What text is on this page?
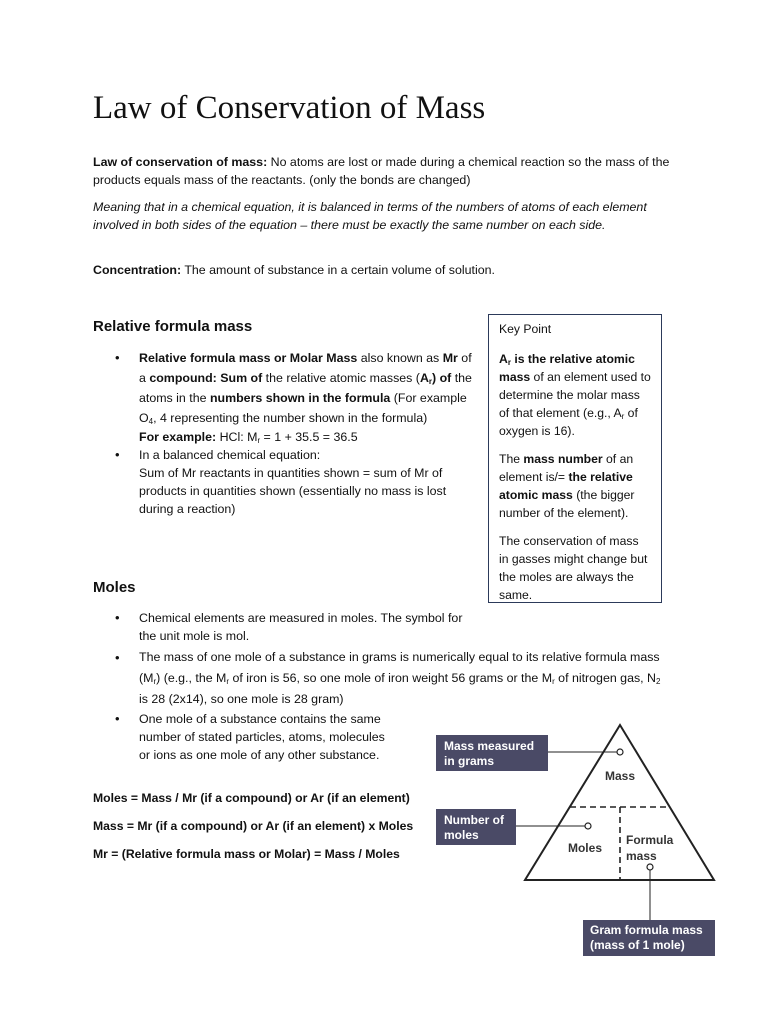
Law of Conservation of Mass

Law of conservation of mass: No atoms are lost or made during a chemical reaction so the mass of the products equals mass of the reactants. (only the bonds are changed)

Meaning that in a chemical equation, it is balanced in terms of the numbers of atoms of each element involved in both sides of the equation – there must be exactly the same number on each side.

Concentration: The amount of substance in a certain volume of solution.

Relative formula mass
• Relative formula mass or Molar Mass also known as Mr of a compound: Sum of the relative atomic masses $(A_r)$ of the atoms in the numbers shown in the formula (For example $O_4$, 4 representing the number shown in the formula)
For example: HCl: $M_r = 1 + 35.5 = 36.5$
• In a balanced chemical equation:
Sum of Mr reactants in quantities shown = sum of Mr of products in quantities shown (essentially no mass is lost during a reaction)

Key Point

$A_r$ is the relative atomic mass of an element used to determine the molar mass of that element (e.g., $A_r$ of oxygen is 16).

The mass number of an element is/= the relative atomic mass (the bigger number of the element).

The conservation of mass in gasses might change but the moles are always the same.

Moles
• Chemical elements are measured in moles. The symbol for the unit mole is mol.
• The mass of one mole of a substance in grams is numerically equal to its relative formula mass $(M_r)$ (e.g., the $M_r$ of iron is 56, so one mole of iron weight 56 grams or the $M_r$ of nitrogen gas, $N_2$ is 28 (2x14), so one mole is 28 gram)
• One mole of a substance contains the same number of stated particles, atoms, molecules or ions as one mole of any other substance.

Moles = Mass / Mr (if a compound) or Ar (if an element)

Mass = Mr (if a compound) or Ar (if an element) x Moles

Mr = (Relative formula mass or Molar) = Mass / Moles

Mass
Moles
Formula
mass
Mass measured
in grams
Number of
moles
Gram formula mass
(mass of 1 mole)
